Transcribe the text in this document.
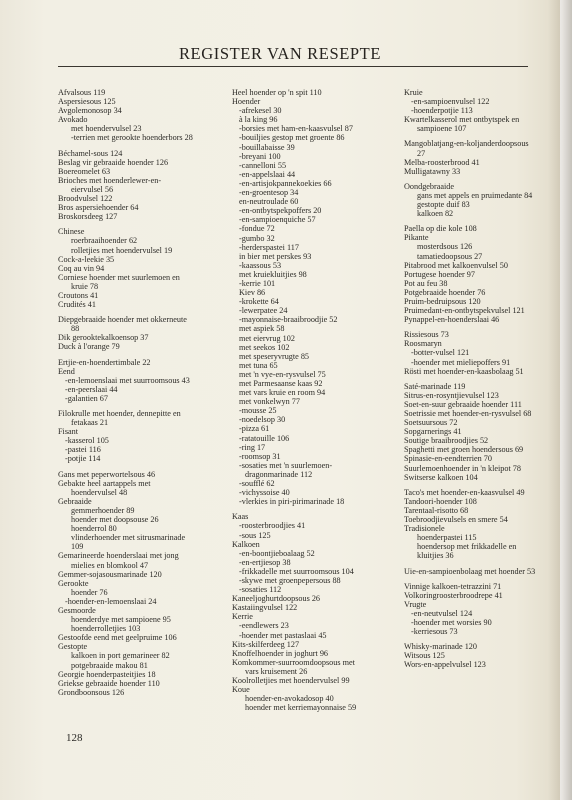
REGISTER VAN RESEPTE
Afvalsous 119
Aspersiesous 125
Avgolemonosop 34
Avokado
met hoendervulsel 23
-terrien met gerookte hoenderbors 28
Béchamel-sous 124
Beslag vir gebraaide hoender 126
Boereomelet 63
Brioches met hoenderlewer-en-
eiervulsel 56
Broodvulsel 122
Bros aspersiehoender 64
Broskorsdeeg 127
Chinese
roerbraaihoender 62
rolletjies met hoendervulsel 19
Cock-a-leekie 35
Coq au vin 94
Corniese hoender met suurlemoen en
kruie 78
Croutons 41
Crudités 41
Diepgebraaide hoender met okkerneute
88
Dik gerooktekalkoensop 37
Duck à l'orange 79
Ertjie-en-hoendertimbale 22
Eend
-en-lemoenslaai met suurroomsous 43
-en-peerslaai 44
-galantien 67
Filokrulle met hoender, dennepitte en
fetakaas 21
Fisant
-kasserol 105
-pastei 116
-potjie 114
Gans met peperwortelsous 46
Gebakte heel aartappels met
hoendervulsel 48
Gebraaide
gemmerhoender 89
hoender met doopsouse 26
hoenderrol 80
vlinderhoender met sitrusmarinade
109
Gemarineerde hoenderslaai met jong
mielies en blomkool 47
Gemmer-sojasousmarinade 120
Gerookte
hoender 76
-hoender-en-lemoenslaai 24
Gesmoorde
hoenderdye met sampioene 95
hoenderrolletjies 103
Gestoofde eend met geelpruime 106
Gestopte
kalkoen in port gemarineer 82
potgebraaide makou 81
Georgie hoenderpasteitjies 18
Griekse gebraaide hoender 110
Grondboonsous 126
Heel hoender op 'n spit 110
Hoender
-afrekesel 30
à la king 96
-borsies met ham-en-kaasvulsel 87
-bouiljies gestop met groente 86
-bouillabaisse 39
-breyani 100
-cannelloni 55
-en-appelslaai 44
-en-artisjokpannekoekies 66
-en-groentesop 34
en-neutroulade 60
-en-ontbytspekpoffers 20
-en-sampioenquiche 57
-fondue 72
-gumbo 32
-herderspastei 117
in bier met perskes 93
-kaassous 53
met kruiekluitjies 98
-kerrie 101
Kiev 86
-krokette 64
-lewerpatee 24
-mayonnaise-braaibroodjie 52
met aspiek 58
met eiervrug 102
met seekos 102
met speseryvrugte 85
met tuna 65
met 'n vye-en-rysvulsel 75
met Parmesaanse kaas 92
met vars kruie en room 94
met vonkelwyn 77
-mousse 25
-noedelsop 30
-pizza 61
-ratatouille 106
-ring 17
-roomsop 31
-sosaties met 'n suurlemoen-
dragonmarinade 112
-soufflé 62
-vichyssoise 40
-vlerkies in piri-pirimarinade 18
Kaas
-roosterbroodjies 41
-sous 125
Kalkoen
-en-boontjieboalaag 52
-en-ertjiesop 38
-frikkadelle met suurroomsous 104
-skywe met groenpepersous 88
-sosaties 112
Kaneeljoghurtdoopsous 26
Kastaiingvulsel 122
Kerrie
-eendlewers 23
-hoender met pastaslaai 45
Kits-skilferdeeg 127
Knoffelhoender in joghurt 96
Komkommer-suurroomdoopsous met
vars kruisement 26
Koolrolletjies met hoendervulsel 99
Koue
hoender-en-avokadosop 40
hoender met kerriemayonnaise 59
Kruie
-en-sampioenvulsel 122
-hoenderpotjie 113
Kwartelkasserol met ontbytspek en
sampioene 107
Mangoblatjang-en-koljanderdoopsous
27
Melba-roosterbrood 41
Mulligatawny 33
Oondgebraaide
gans met appels en pruimedante 84
gestopte duif 83
kalkoen 82
Paella op die kole 108
Pikante
mosterdsous 126
tamatiedoopsous 27
Pitabrood met kalkoenvulsel 50
Portugese hoender 97
Pot au feu 38
Potgebraaide hoender 76
Pruim-bedruipsous 120
Pruimedant-en-ontbytspekvulsel 121
Pynappel-en-hoenderslaai 46
Rissiesous 73
Roosmaryn
-botter-vulsel 121
-hoender met mieliepoffers 91
Rösti met hoender-en-kaasbolaag 51
Saté-marinade 119
Sitrus-en-rosyntjievulsel 123
Soet-en-suur gebraaide hoender 111
Soetrissie met hoender-en-rysvulsel 68
Soetsuursous 72
Sopgarnerings 41
Soutige braaibroodjies 52
Spaghetti met groen hoendersous 69
Spinasie-en-eendterrien 70
Suurlemoenhoender in 'n kleipot 78
Switserse kalkoen 104
Taco's met hoender-en-kaasvulsel 49
Tandoori-hoender 108
Tarentaal-risotto 68
Toebroodjievulsels en smere 54
Tradisionele
hoenderpastei 115
hoendersop met frikkadelle en
kluitjies 36
Uie-en-sampioenbolaag met hoender 53
Vinnige kalkoen-tetrazzini 71
Volkoringroosterbroodrepe 41
Vrugte
-en-neutvulsel 124
-hoender met worsies 90
-kerriesous 73
Whisky-marinade 120
Witsous 125
Wors-en-appelvulsel 123
128
